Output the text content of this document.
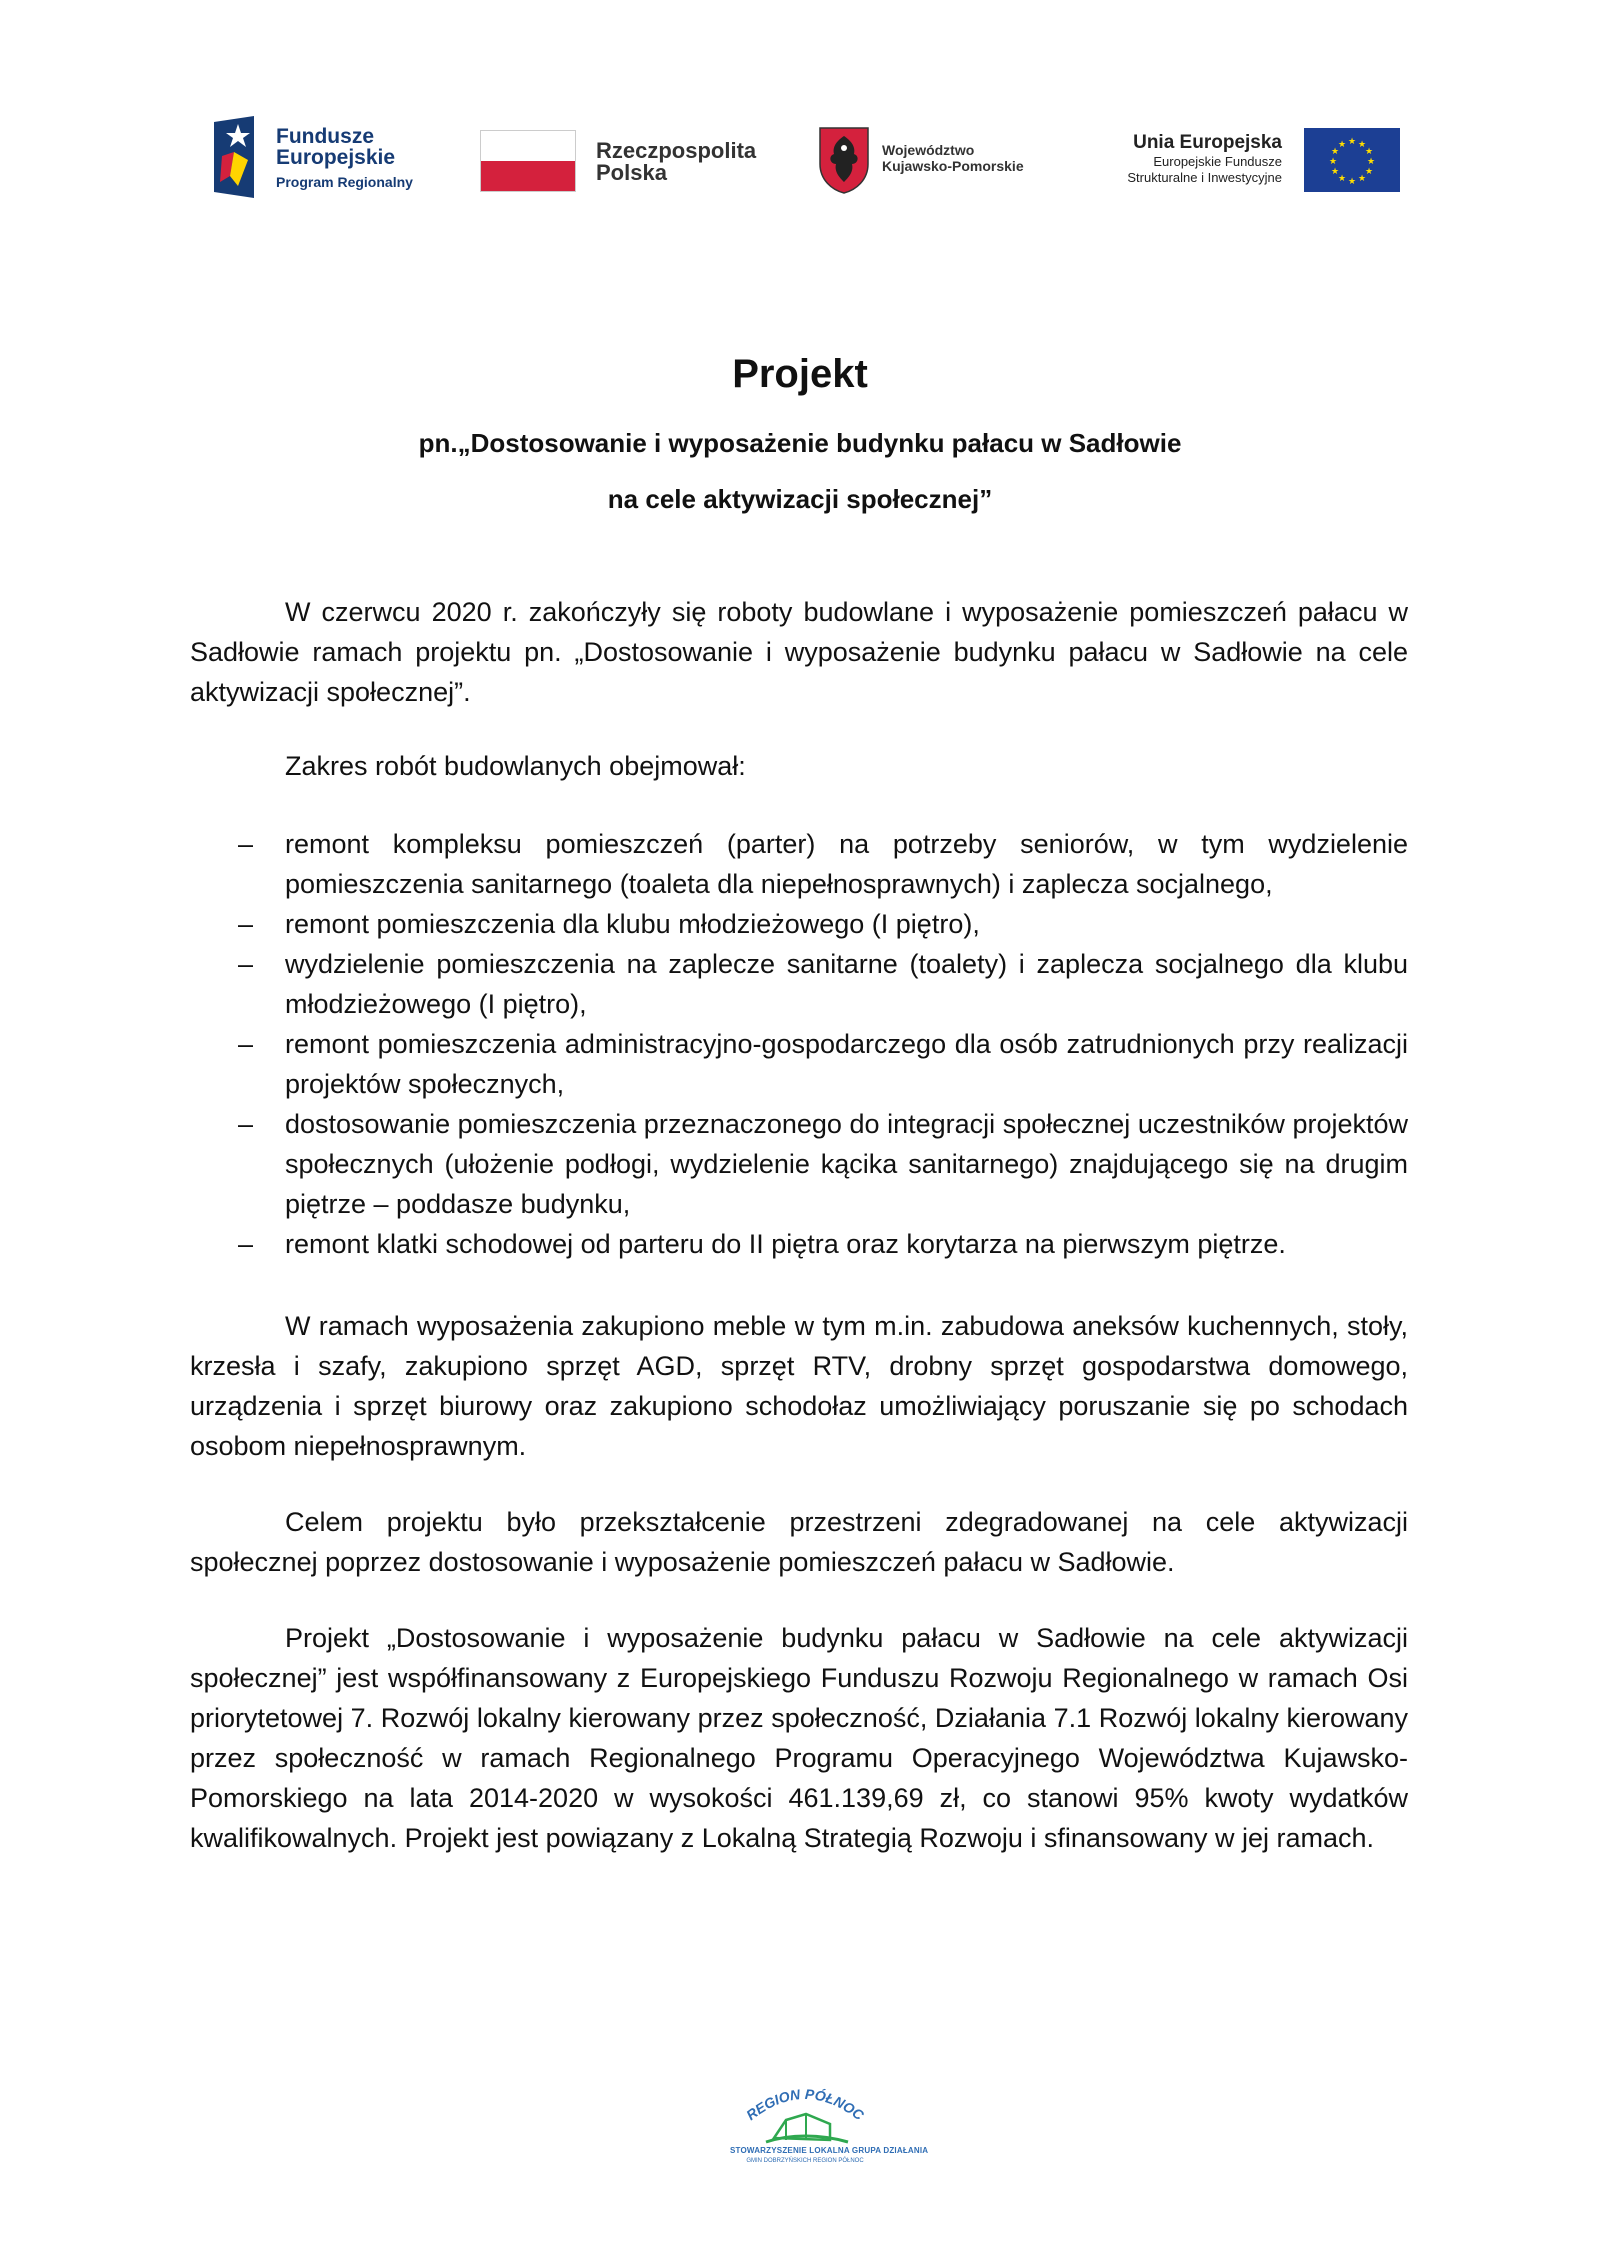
Fundusze
Europejskie
Program Regionalny
Rzeczpospolita
Polska
Województwo
Kujawsko-Pomorskie
Unia Europejska
Europejskie Fundusze
Strukturalne i Inwestycyjne
★ ★
★
★
★
★
★
★
★
★
★
★
Projekt
pn.„Dostosowanie i wyposażenie budynku pałacu w Sadłowie
na cele aktywizacji społecznej”

W czerwcu 2020 r. zakończyły się roboty budowlane i wyposażenie pomieszczeń pałacu w Sadłowie ramach projektu pn. „Dostosowanie i wyposażenie budynku pałacu w Sadłowie na cele aktywizacji społecznej”.

Zakres robót budowlanych obejmował:

– remont kompleksu pomieszczeń (parter) na potrzeby seniorów, w tym wydzielenie pomieszczenia sanitarnego (toaleta dla niepełnosprawnych) i zaplecza socjalnego,
– remont pomieszczenia dla klubu młodzieżowego (I piętro),
– wydzielenie pomieszczenia na zaplecze sanitarne (toalety) i zaplecza socjalnego dla klubu młodzieżowego (I piętro),
– remont pomieszczenia administracyjno-gospodarczego dla osób zatrudnionych przy realizacji projektów społecznych,
– dostosowanie pomieszczenia przeznaczonego do integracji społecznej uczestników projektów społecznych (ułożenie podłogi, wydzielenie kącika sanitarnego) znajdującego się na drugim piętrze – poddasze budynku,
– remont klatki schodowej od parteru do II piętra oraz korytarza na pierwszym piętrze.

W ramach wyposażenia zakupiono meble w tym m.in. zabudowa aneksów kuchennych, stoły, krzesła i szafy, zakupiono sprzęt AGD, sprzęt RTV, drobny sprzęt gospodarstwa domowego, urządzenia i sprzęt biurowy oraz zakupiono schodołaz umożliwiający poruszanie się po schodach osobom niepełnosprawnym.

Celem projektu było przekształcenie przestrzeni zdegradowanej na cele aktywizacji społecznej poprzez dostosowanie i wyposażenie pomieszczeń pałacu w Sadłowie.

Projekt „Dostosowanie i wyposażenie budynku pałacu w Sadłowie na cele aktywizacji społecznej” jest współfinansowany z Europejskiego Funduszu Rozwoju Regionalnego w ramach Osi priorytetowej 7. Rozwój lokalny kierowany przez społeczność, Działania 7.1 Rozwój lokalny kierowany przez społeczność w ramach Regionalnego Programu Operacyjnego Województwa Kujawsko-Pomorskiego na lata 2014-2020 w wysokości 461.139,69 zł, co stanowi 95% kwoty wydatków kwalifikowalnych. Projekt jest powiązany z Lokalną Strategią Rozwoju i sfinansowany w jej ramach.

REGION PÓŁNOC
STOWARZYSZENIE LOKALNA GRUPA DZIAŁANIA
GMIN DOBRZYŃSKICH REGION PÓŁNOC
